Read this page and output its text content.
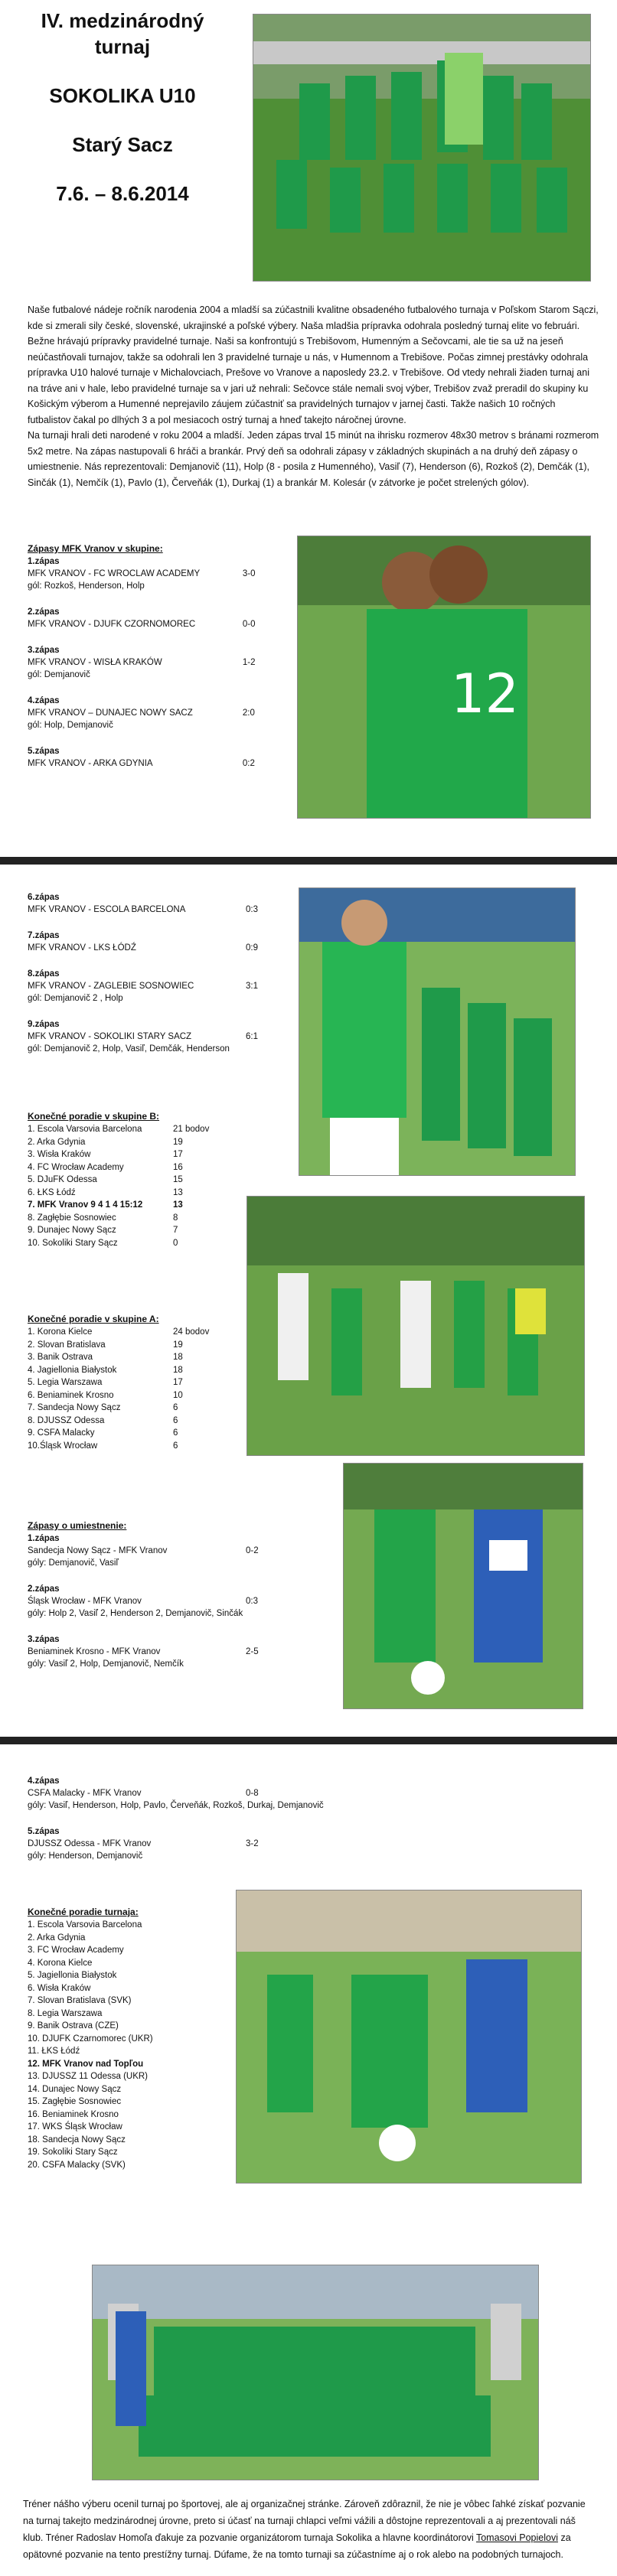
IV. medzinárodný

turnaj

SOKOLIKA U10

Starý Sacz

7.6. – 8.6.2014

Naše futbalové nádeje ročník narodenia 2004 a mladší sa zúčastnili kvalitne obsadeného futbalového turnaja v Poľskom Starom Sączi, kde si zmerali sily české, slovenské, ukrajinské a poľské výbery. Naša mladšia prípravka odohrala posledný turnaj elite vo februári. Bežne hrávajú prípravky pravidelné turnaje. Naši sa konfrontujú s Trebišovom, Humenným a Sečovcami, ale tie sa už na jeseň neúčastňovali turnajov, takže sa odohrali len 3 pravidelné turnaje u nás, v Humennom a Trebišove. Počas zimnej prestávky odohrala prípravka U10 halové turnaje v Michalovciach, Prešove vo Vranove a naposledy 23.2. v Trebišove. Od vtedy nehrali žiaden turnaj ani na tráve ani v hale, lebo pravidelné turnaje sa v jari už nehrali: Sečovce stále nemali svoj výber, Trebišov zvaž preradil do skupiny ku Košickým výberom a Humenné neprejavilo záujem zúčastniť sa pravidelných turnajov v jarnej časti. Takže našich 10 ročných futbalistov čakal po dlhých 3 a pol mesiacoch ostrý turnaj a hneď takejto náročnej úrovne.

Na turnaji hrali deti narodené v roku 2004 a mladší. Jeden zápas trval 15 minút na ihrisku rozmerov 48x30 metrov s bránami rozmerom 5x2 metre. Na zápas nastupovali 6 hráči a brankár. Prvý deň sa odohrali zápasy v základných skupinách a na druhý deň zápasy o umiestnenie. Nás reprezentovali: Demjanovič (11), Holp (8 - posila z Humenného), Vasiľ (7), Henderson (6), Rozkoš (2), Demčák (1), Sinčák (1), Nemčík (1), Pavlo (1), Červeňák (1), Durkaj (1) a brankár M. Kolesár (v zátvorke je počet strelených gólov).

Zápasy MFK Vranov v skupine:
1.zápas
MFK VRANOV - FC WROCLAW ACADEMY	3-0
gól: Rozkoš, Henderson, Holp
2.zápas
MFK VRANOV - DJUFK CZORNOMOREC	0-0
3.zápas
MFK VRANOV - WISŁA KRAKÓW	1-2
gól: Demjanovič
4.zápas
MFK VRANOV – DUNAJEC NOWY SACZ	2:0
gól: Holp, Demjanovič
5.zápas
MFK VRANOV - ARKA GDYNIA	0:2
12
6.zápas
MFK VRANOV - ESCOLA BARCELONA	0:3
7.zápas
MFK VRANOV - LKS ŁÓDŹ	0:9
8.zápas
MFK VRANOV - ZAGLEBIE SOSNOWIEC	3:1
gól: Demjanovič 2 , Holp
9.zápas
MFK VRANOV - SOKOLIKI STARY SACZ	6:1
gól: Demjanovič 2, Holp, Vasiľ, Demčák, Henderson
Konečné poradie v skupine B:
1. Escola Varsovia Barcelona	21 bodov
2. Arka Gdynia	19
3. Wisła Kraków	17
4. FC Wrocław Academy	16
5. DJuFK Odessa	15
6. ŁKS Łódź	13
7. MFK Vranov 9 4 1 4 15:12	13
8. Zagłębie Sosnowiec	8
9. Dunajec Nowy Sącz	7
10. Sokoliki Stary Sącz	0
Konečné poradie v skupine A:
1. Korona Kielce	24 bodov
2. Slovan Bratislava	19
3. Banik Ostrava	18
4. Jagiellonia Białystok	18
5. Legia Warszawa	17
6. Beniaminek Krosno	10
7. Sandecja Nowy Sącz	6
8. DJUSSZ Odessa	6
9. CSFA Malacky	6
10.Śląsk Wrocław	6
Zápasy o umiestnenie:
1.zápas
Sandecja Nowy Sącz - MFK Vranov	0-2
góly: Demjanovič, Vasiľ
2.zápas
Śląsk Wrocław - MFK Vranov	0:3
góly: Holp 2, Vasiľ 2, Henderson 2, Demjanovič, Sinčák
3.zápas
Beniaminek Krosno - MFK Vranov	2-5
góly: Vasiľ 2, Holp, Demjanovič, Nemčík
4.zápas
CSFA Malacky - MFK Vranov	0-8
góly: Vasiľ, Henderson, Holp, Pavlo, Červeňák, Rozkoš, Durkaj, Demjanovič
5.zápas
DJUSSZ Odessa - MFK Vranov	3-2
góly: Henderson, Demjanovič
Konečné poradie turnaja:
1. Escola Varsovia Barcelona
2. Arka Gdynia
3. FC Wrocław Academy
4. Korona Kielce
5. Jagiellonia Białystok
6. Wisła Kraków
7. Slovan Bratislava (SVK)
8. Legia Warszawa
9. Banik Ostrava (CZE)
10. DJUFK Czarnomorec (UKR)
11. ŁKS Łódź
12. MFK Vranov nad Topľou
13. DJUSSZ 11 Odessa (UKR)
14. Dunajec Nowy Sącz
15. Zagłębie Sosnowiec
16. Beniaminek Krosno
17. WKS Śląsk Wrocław
18. Sandecja Nowy Sącz
19. Sokoliki Stary Sącz
20. CSFA Malacky (SVK)
Tréner nášho výberu ocenil turnaj po športovej, ale aj organizačnej stránke. Zároveň zdôraznil, že nie je vôbec ľahké získať pozvanie na turnaj takejto medzinárodnej úrovne, preto si účasť na turnaji chlapci veľmi vážili a dôstojne reprezentovali a aj prezentovali náš klub. Tréner Radoslav Homoľa ďakuje za pozvanie organizátorom turnaja Sokolika a hlavne koordinátorovi Tomasovi Popielovi za opätovné pozvanie na tento prestížny turnaj. Dúfame, že na tomto turnaji sa zúčastníme aj o rok alebo na podobných turnajoch.
